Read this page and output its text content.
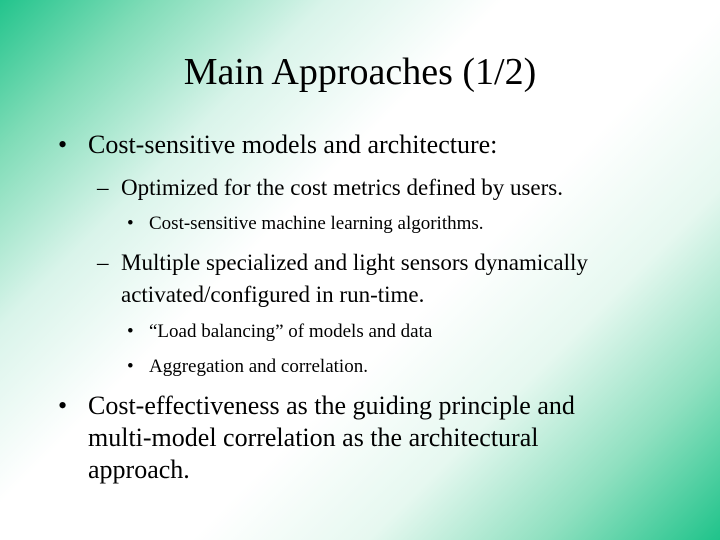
Main Approaches (1/2)
• Cost-sensitive models and architecture:
– Optimized for the cost metrics defined by users.
• Cost-sensitive machine learning algorithms.
– Multiple specialized and light sensors dynamically activated/configured in run-time.
• “Load balancing” of models and data
• Aggregation and correlation.
• Cost-effectiveness as the guiding principle and multi-model correlation as the architectural approach.
